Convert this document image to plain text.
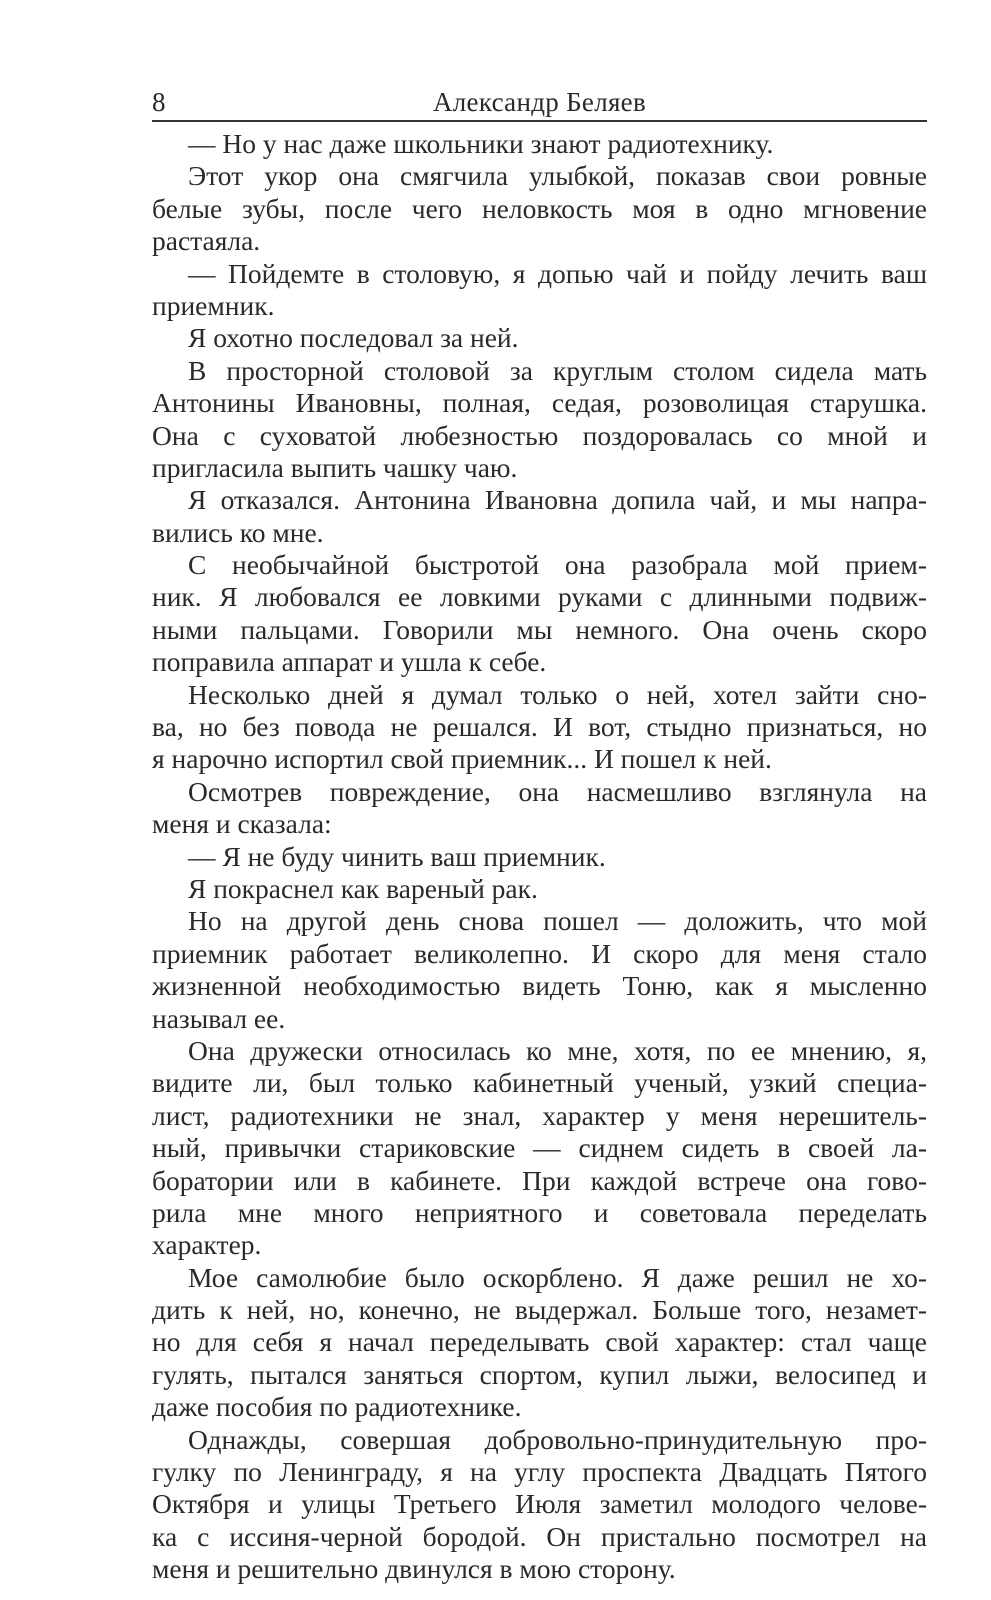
8	Александр Беляев
— Но у нас даже школьники знают радиотехнику.
Этот укор она смягчила улыбкой, показав свои ровные
белые зубы, после чего неловкость моя в одно мгновение
растаяла.
— Пойдемте в столовую, я допью чай и пойду лечить ваш
приемник.
Я охотно последовал за ней.
В просторной столовой за круглым столом сидела мать
Антонины Ивановны, полная, седая, розоволицая старушка.
Она с суховатой любезностью поздоровалась со мной и
пригласила выпить чашку чаю.
Я отказался. Антонина Ивановна допила чай, и мы напра-
вились ко мне.
С необычайной быстротой она разобрала мой прием-
ник. Я любовался ее ловкими руками с длинными подвиж-
ными пальцами. Говорили мы немного. Она очень скоро
поправила аппарат и ушла к себе.
Несколько дней я думал только о ней, хотел зайти сно-
ва, но без повода не решался. И вот, стыдно признаться, но
я нарочно испортил свой приемник... И пошел к ней.
Осмотрев повреждение, она насмешливо взглянула на
меня и сказала:
— Я не буду чинить ваш приемник.
Я покраснел как вареный рак.
Но на другой день снова пошел — доложить, что мой
приемник работает великолепно. И скоро для меня стало
жизненной необходимостью видеть Тоню, как я мысленно
называл ее.
Она дружески относилась ко мне, хотя, по ее мнению, я,
видите ли, был только кабинетный ученый, узкий специа-
лист, радиотехники не знал, характер у меня нерешитель-
ный, привычки стариковские — сиднем сидеть в своей ла-
боратории или в кабинете. При каждой встрече она гово-
рила мне много неприятного и советовала переделать
характер.
Мое самолюбие было оскорблено. Я даже решил не хо-
дить к ней, но, конечно, не выдержал. Больше того, незамет-
но для себя я начал переделывать свой характер: стал чаще
гулять, пытался заняться спортом, купил лыжи, велосипед и
даже пособия по радиотехнике.
Однажды, совершая добровольно-принудительную про-
гулку по Ленинграду, я на углу проспекта Двадцать Пятого
Октября и улицы Третьего Июля заметил молодого челове-
ка с иссиня-черной бородой. Он пристально посмотрел на
меня и решительно двинулся в мою сторону.
